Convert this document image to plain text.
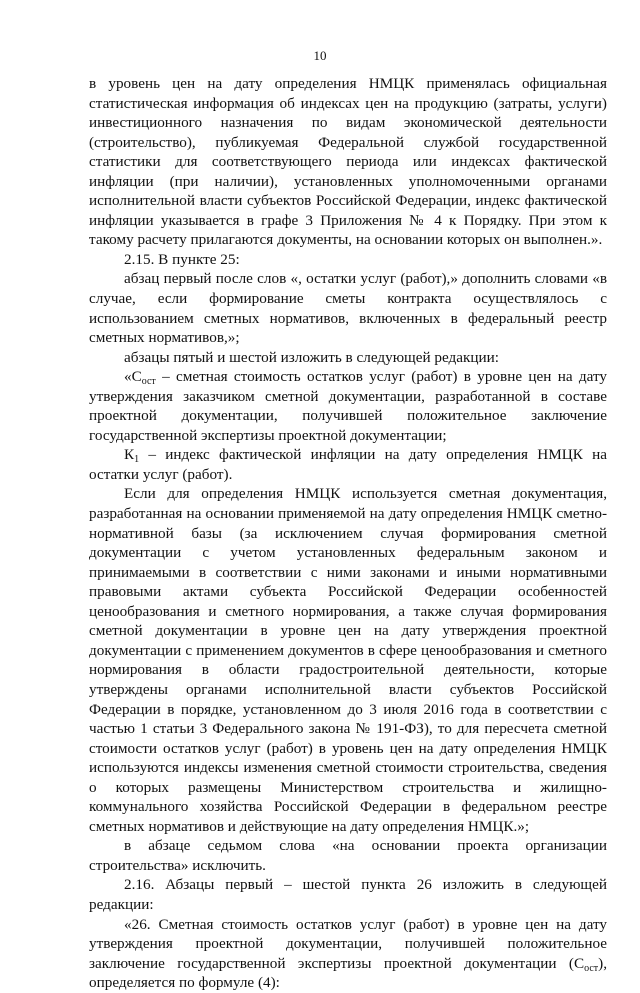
10

в уровень цен на дату определения НМЦК применялась официальная статистическая информация об индексах цен на продукцию (затраты, услуги) инвестиционного назначения по видам экономической деятельности (строительство), публикуемая Федеральной службой государственной статистики для соответствующего периода или индексах фактической инфляции (при наличии), установленных уполномоченными органами исполнительной власти субъектов Российской Федерации, индекс фактической инфляции указывается в графе 3 Приложения № 4 к Порядку. При этом к такому расчету прилагаются документы, на основании которых он выполнен.».

2.15. В пункте 25:

абзац первый после слов «, остатки услуг (работ),» дополнить словами «в случае, если формирование сметы контракта осуществлялось с использованием сметных нормативов, включенных в федеральный реестр сметных нормативов,»;

абзацы пятый и шестой изложить в следующей редакции:

«$С_{ост}$ – сметная стоимость остатков услуг (работ) в уровне цен на дату утверждения заказчиком сметной документации, разработанной в составе проектной документации, получившей положительное заключение государственной экспертизы проектной документации;

$К_1$ – индекс фактической инфляции на дату определения НМЦК на остатки услуг (работ).

Если для определения НМЦК используется сметная документация, разработанная на основании применяемой на дату определения НМЦК сметно-нормативной базы (за исключением случая формирования сметной документации с учетом установленных федеральным законом и принимаемыми в соответствии с ними законами и иными нормативными правовыми актами субъекта Российской Федерации особенностей ценообразования и сметного нормирования, а также случая формирования сметной документации в уровне цен на дату утверждения проектной документации с применением документов в сфере ценообразования и сметного нормирования в области градостроительной деятельности, которые утверждены органами исполнительной власти субъектов Российской Федерации в порядке, установленном до 3 июля 2016 года в соответствии с частью 1 статьи 3 Федерального закона № 191-ФЗ), то для пересчета сметной стоимости остатков услуг (работ) в уровень цен на дату определения НМЦК используются индексы изменения сметной стоимости строительства, сведения о которых размещены Министерством строительства и жилищно-коммунального хозяйства Российской Федерации в федеральном реестре сметных нормативов и действующие на дату определения НМЦК.»;

в абзаце седьмом слова «на основании проекта организации строительства» исключить.

2.16. Абзацы первый – шестой пункта 26 изложить в следующей редакции:

«26. Сметная стоимость остатков услуг (работ) в уровне цен на дату утверждения проектной документации, получившей положительное заключение государственной экспертизы проектной документации $(С_{ост})$, определяется по формуле (4):
